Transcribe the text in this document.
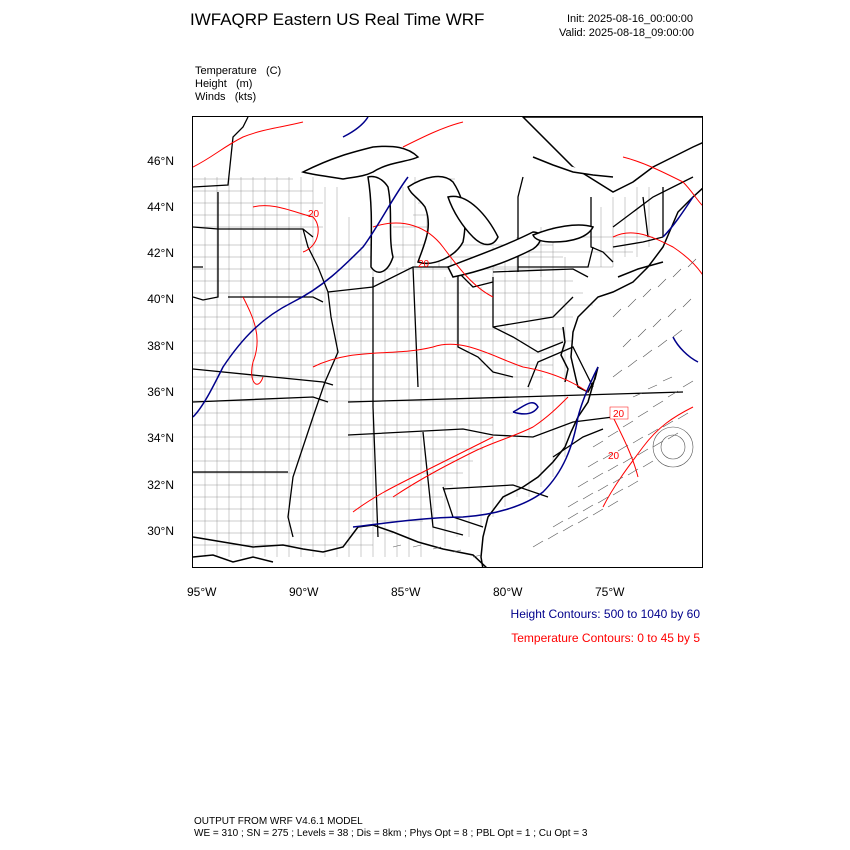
IWFAQRP Eastern US Real Time WRF	Init: 2025-08-16_00:00:00
Valid: 2025-08-18_09:00:00
Temperature (C)
Height (m)
Winds (kts)
46°N
44°N
42°N
40°N
38°N
36°N
34°N
32°N
30°N
95°W	90°W	85°W	80°W	75°W
20
20
20
20
Height Contours: 500 to 1040 by 60
Temperature Contours: 0 to 45 by 5
OUTPUT FROM WRF V4.6.1 MODEL
WE = 310 ; SN = 275 ; Levels = 38 ; Dis = 8km ; Phys Opt = 8 ; PBL Opt = 1 ; Cu Opt = 3
